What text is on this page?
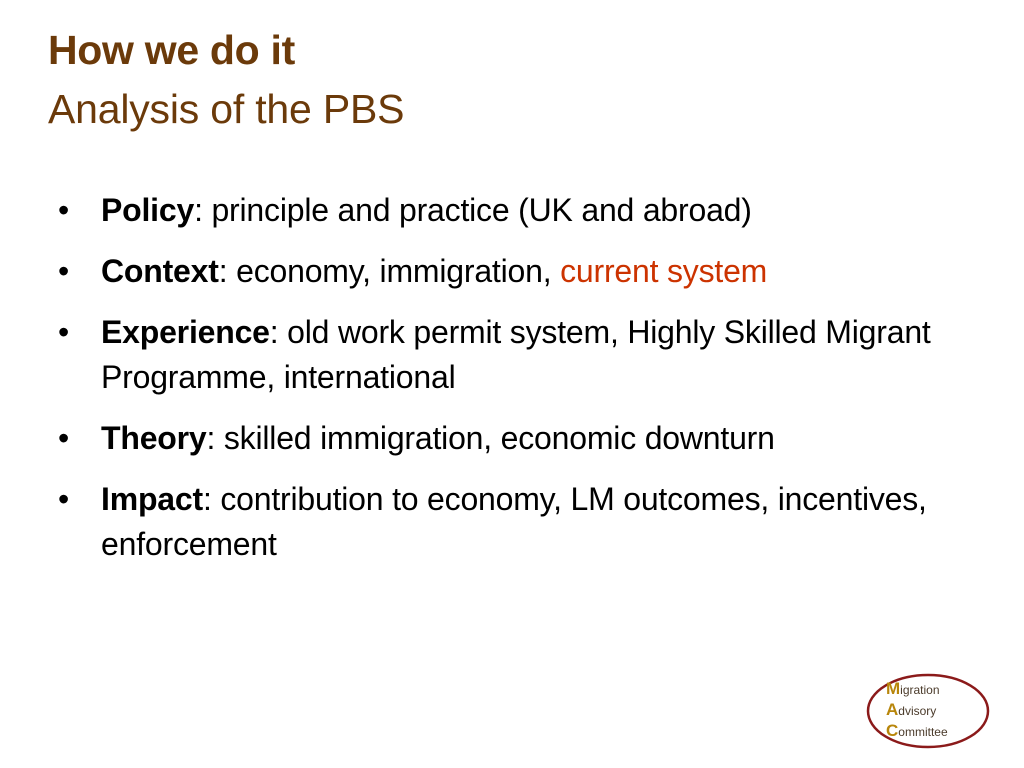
How we do it
Analysis of the PBS
• Policy: principle and practice (UK and abroad)
• Context: economy, immigration, current system
• Experience: old work permit system, Highly Skilled Migrant Programme, international
• Theory: skilled immigration, economic downturn
• Impact: contribution to economy, LM outcomes, incentives, enforcement
Migration
Advisory
Committee
